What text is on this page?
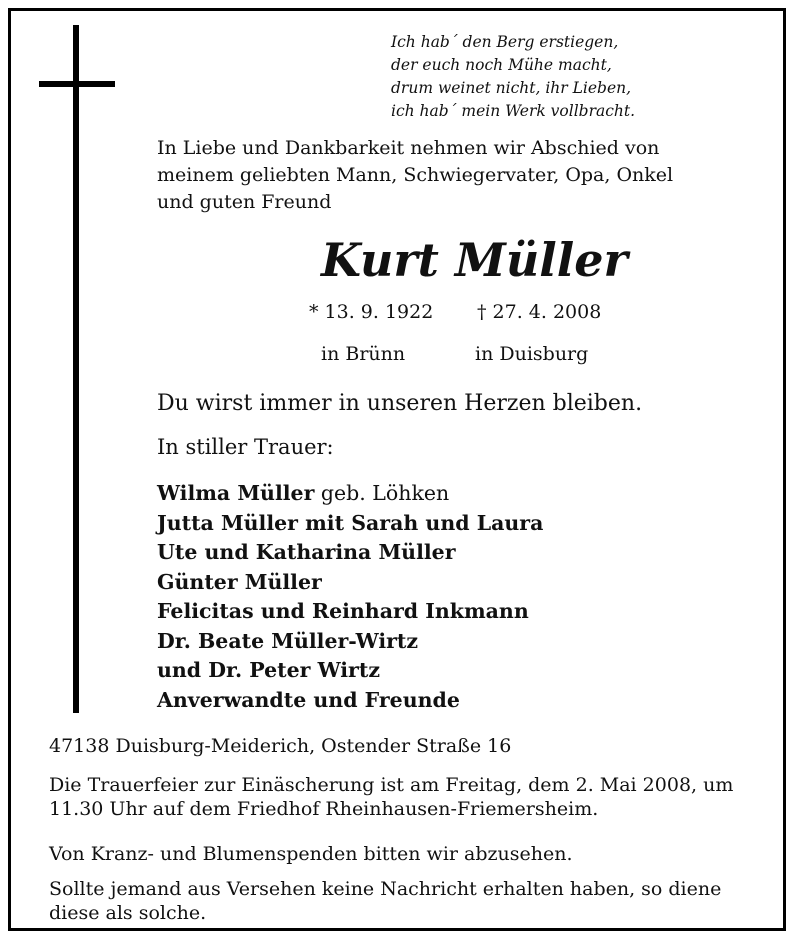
Ich hab´ den Berg erstiegen,
der euch noch Mühe macht,
drum weinet nicht, ihr Lieben,
ich hab´ mein Werk vollbracht.
In Liebe und Dankbarkeit nehmen wir Abschied von
meinem geliebten Mann, Schwiegervater, Opa, Onkel
und guten Freund
Kurt Müller
* 13. 9. 1922 † 27. 4. 2008
in Brünn	in Duisburg
Du wirst immer in unseren Herzen bleiben.
In stiller Trauer:
Wilma Müller geb. Löhken
Jutta Müller mit Sarah und Laura
Ute und Katharina Müller
Günter Müller
Felicitas und Reinhard Inkmann
Dr. Beate Müller-Wirtz
und Dr. Peter Wirtz
Anverwandte und Freunde
47138 Duisburg-Meiderich, Ostender Straße 16
Die Trauerfeier zur Einäscherung ist am Freitag, dem 2. Mai 2008, um
11.30 Uhr auf dem Friedhof Rheinhausen-Friemersheim.
Von Kranz- und Blumenspenden bitten wir abzusehen.
Sollte jemand aus Versehen keine Nachricht erhalten haben, so diene
diese als solche.
